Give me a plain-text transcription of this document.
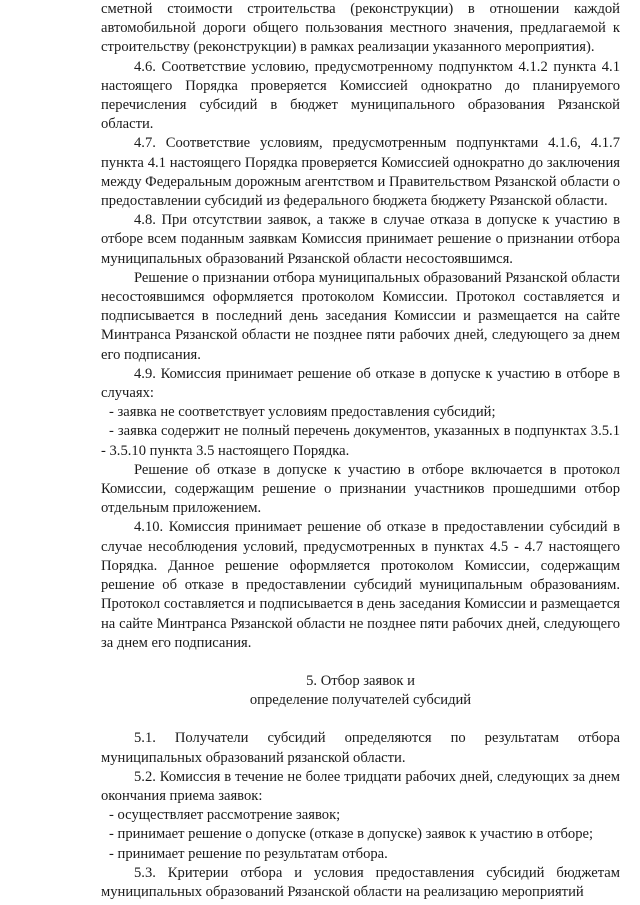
сметной стоимости строительства (реконструкции) в отношении каждой автомобильной дороги общего пользования местного значения, предлагаемой к строительству (реконструкции) в рамках реализации указанного мероприятия).

4.6. Соответствие условию, предусмотренному подпунктом 4.1.2 пункта 4.1 настоящего Порядка проверяется Комиссией однократно до планируемого перечисления субсидий в бюджет муниципального образования Рязанской области.

4.7. Соответствие условиям, предусмотренным подпунктами 4.1.6, 4.1.7 пункта 4.1 настоящего Порядка проверяется Комиссией однократно до заключения между Федеральным дорожным агентством и Правительством Рязанской области о предоставлении субсидий из федерального бюджета бюджету Рязанской области.

4.8. При отсутствии заявок, а также в случае отказа в допуске к участию в отборе всем поданным заявкам Комиссия принимает решение о признании отбора муниципальных образований Рязанской области несостоявшимся.

Решение о признании отбора муниципальных образований Рязанской области несостоявшимся оформляется протоколом Комиссии. Протокол составляется и подписывается в последний день заседания Комиссии и размещается на сайте Минтранса Рязанской области не позднее пяти рабочих дней, следующего за днем его подписания.

4.9. Комиссия принимает решение об отказе в допуске к участию в отборе в случаях:

- заявка не соответствует условиям предоставления субсидий;

- заявка содержит не полный перечень документов, указанных в подпунктах 3.5.1 - 3.5.10 пункта 3.5 настоящего Порядка.

Решение об отказе в допуске к участию в отборе включается в протокол Комиссии, содержащим решение о признании участников прошедшими отбор отдельным приложением.

4.10. Комиссия принимает решение об отказе в предоставлении субсидий в случае несоблюдения условий, предусмотренных в пунктах 4.5 - 4.7 настоящего Порядка. Данное решение оформляется протоколом Комиссии, содержащим решение об отказе в предоставлении субсидий муниципальным образованиям. Протокол составляется и подписывается в день заседания Комиссии и размещается на сайте Минтранса Рязанской области не позднее пяти рабочих дней, следующего за днем его подписания.

5. Отбор заявок и

определение получателей субсидий

5.1. Получатели субсидий определяются по результатам отбора муниципальных образований рязанской области.

5.2. Комиссия в течение не более тридцати рабочих дней, следующих за днем окончания приема заявок:

- осуществляет рассмотрение заявок;

- принимает решение о допуске (отказе в допуске) заявок к участию в отборе;

- принимает решение по результатам отбора.

5.3. Критерии отбора и условия предоставления субсидий бюджетам муниципальных образований Рязанской области на реализацию мероприятий
